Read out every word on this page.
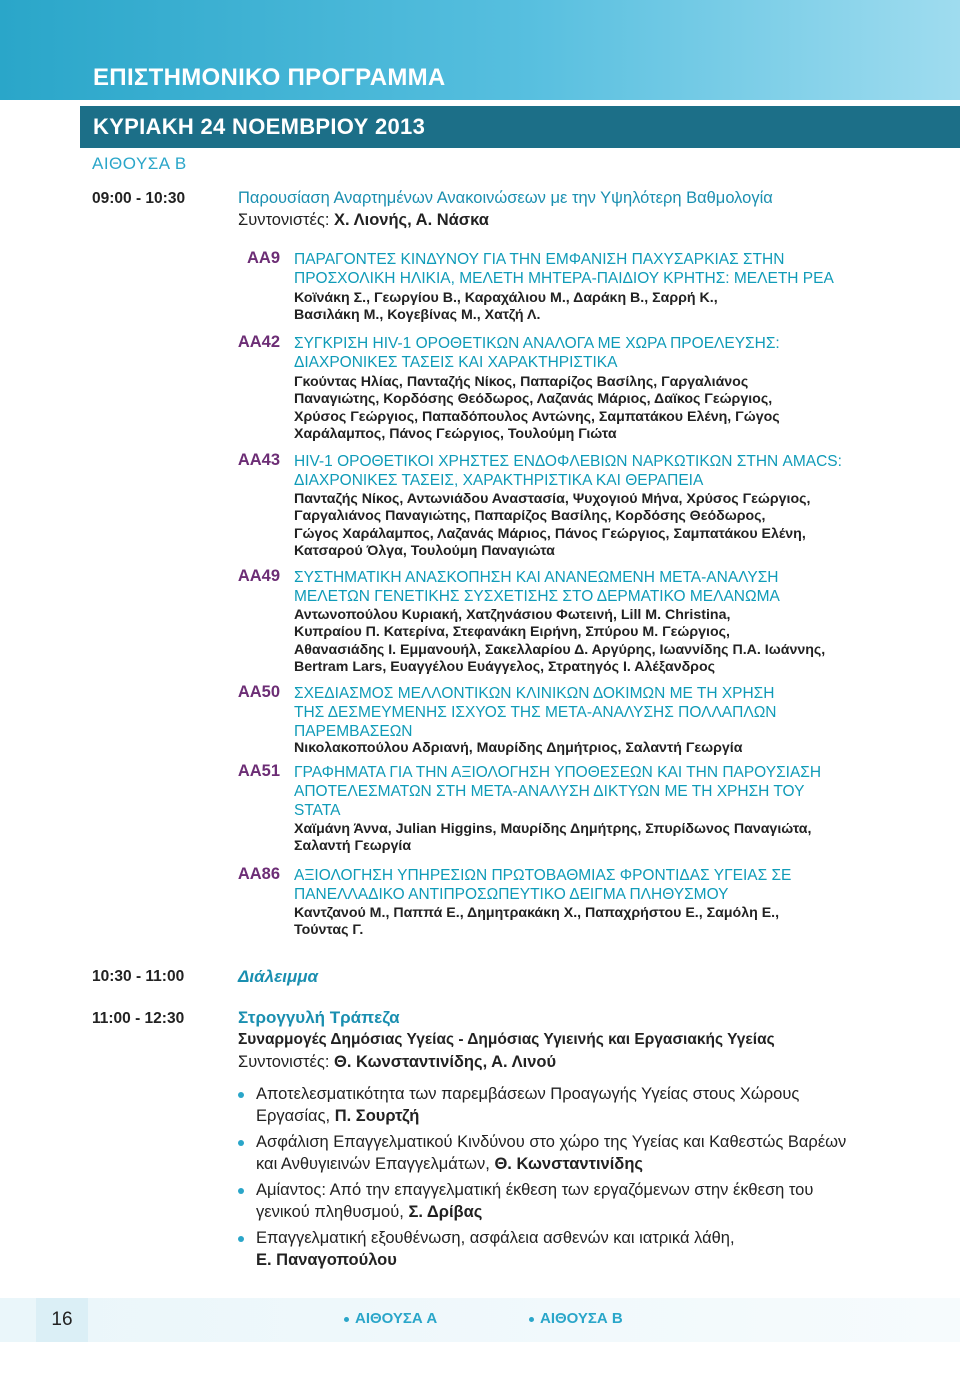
ΕΠΙΣΤΗΜΟΝΙΚΟ ΠΡΟΓΡΑΜΜΑ
ΚΥΡΙΑΚΗ 24 ΝΟΕΜΒΡΙΟΥ 2013
ΑΙΘΟΥΣΑ Β
09:00 - 10:30	Παρουσίαση Αναρτημένων Ανακοινώσεων με την Υψηλότερη Βαθμολογία
Συντονιστές: Χ. Λιονής, Α. Νάσκα
ΑΑ9 ΠΑΡΑΓΟΝΤΕΣ ΚΙΝΔΥΝΟΥ ΓΙΑ ΤΗΝ ΕΜΦΑΝΙΣΗ ΠΑΧΥΣΑΡΚΙΑΣ ΣΤΗΝ
ΠΡΟΣΧΟΛΙΚΗ ΗΛΙΚΙΑ, ΜΕΛΕΤΗ ΜΗΤΕΡΑ-ΠΑΙΔΙΟΥ ΚΡΗΤΗΣ: ΜΕΛΕΤΗ ΡΕΑ
Κοϊνάκη Σ., Γεωργίου Β., Καραχάλιου Μ., Δαράκη Β., Σαρρή Κ.,
Βασιλάκη Μ., Κογεβίνας Μ., Χατζή Λ.
ΑΑ42 ΣΥΓΚΡΙΣΗ HIV-1 ΟΡΟΘΕΤΙΚΩΝ ΑΝΑΛΟΓΑ ΜΕ ΧΩΡΑ ΠΡΟΕΛΕΥΣΗΣ:
ΔΙΑΧΡΟΝΙΚΕΣ ΤΑΣΕΙΣ ΚΑΙ ΧΑΡΑΚΤΗΡΙΣΤΙΚΑ
Γκούντας Ηλίας, Πανταζής Νίκος, Παπαρίζος Βασίλης, Γαργαλιάνος
Παναγιώτης, Κορδόσης Θεόδωρος, Λαζανάς Μάριος, Δαϊκος Γεώργιος,
Χρύσος Γεώργιος, Παπαδόπουλος Αντώνης, Σαμπατάκου Ελένη, Γώγος
Χαράλαμπος, Πάνος Γεώργιος, Τουλούμη Γιώτα
ΑΑ43 HIV-1 ΟΡΟΘΕΤΙΚΟΙ ΧΡΗΣΤΕΣ ΕΝΔΟΦΛΕΒΙΩΝ ΝΑΡΚΩΤΙΚΩΝ ΣΤΗΝ AMACS:
ΔΙΑΧΡΟΝΙΚΕΣ ΤΑΣΕΙΣ, ΧΑΡΑΚΤΗΡΙΣΤΙΚΑ ΚΑΙ ΘΕΡΑΠΕΙΑ
Πανταζής Νίκος, Αντωνιάδου Αναστασία, Ψυχογιού Μήνα, Χρύσος Γεώργιος,
Γαργαλιάνος Παναγιώτης, Παπαρίζος Βασίλης, Κορδόσης Θεόδωρος,
Γώγος Χαράλαμπος, Λαζανάς Μάριος, Πάνος Γεώργιος, Σαμπατάκου Ελένη,
Κατσαρού Όλγα, Τουλούμη Παναγιώτα
ΑΑ49 ΣΥΣΤΗΜΑΤΙΚΗ ΑΝΑΣΚΟΠΗΣΗ ΚΑΙ ΑΝΑΝΕΩΜΕΝΗ ΜΕΤΑ-ΑΝΑΛΥΣΗ
ΜΕΛΕΤΩΝ ΓΕΝΕΤΙΚΗΣ ΣΥΣΧΕΤΙΣΗΣ ΣΤΟ ΔΕΡΜΑΤΙΚΟ ΜΕΛΑΝΩΜΑ
Αντωνοπούλου Κυριακή, Χατζηνάσιου Φωτεινή, Lill M. Christina,
Κυπραίου Π. Κατερίνα, Στεφανάκη Ειρήνη, Σπύρου Μ. Γεώργιος,
Αθανασιάδης Ι. Εμμανουήλ, Σακελλαρίου Δ. Αργύρης, Ιωαννίδης Π.Α. Ιωάννης,
Bertram Lars, Ευαγγέλου Ευάγγελος, Στρατηγός Ι. Αλέξανδρος
ΑΑ50 ΣΧΕΔΙΑΣΜΟΣ ΜΕΛΛΟΝΤΙΚΩΝ ΚΛΙΝΙΚΩΝ ΔΟΚΙΜΩΝ ΜΕ ΤΗ ΧΡΗΣΗ
ΤΗΣ ΔΕΣΜΕΥΜΕΝΗΣ ΙΣΧΥΟΣ ΤΗΣ ΜΕΤΑ-ΑΝΑΛΥΣΗΣ ΠΟΛΛΑΠΛΩΝ
ΠΑΡΕΜΒΑΣΕΩΝ
Νικολακοπούλου Αδριανή, Μαυρίδης Δημήτριος, Σαλαντή Γεωργία
ΑΑ51 ΓΡΑΦΗΜΑΤΑ ΓΙΑ ΤΗΝ ΑΞΙΟΛΟΓΗΣΗ ΥΠΟΘΕΣΕΩΝ ΚΑΙ ΤΗΝ ΠΑΡΟΥΣΙΑΣΗ
ΑΠΟΤΕΛΕΣΜΑΤΩΝ ΣΤΗ ΜΕΤΑ-ΑΝΑΛΥΣΗ ΔΙΚΤΥΩΝ ΜΕ ΤΗ ΧΡΗΣΗ ΤΟΥ
STATA
Χαϊμάνη Άννα, Julian Higgins, Μαυρίδης Δημήτρης, Σπυρίδωνος Παναγιώτα,
Σαλαντή Γεωργία
ΑΑ86 ΑΞΙΟΛΟΓΗΣΗ ΥΠΗΡΕΣΙΩΝ ΠΡΩΤΟΒΑΘΜΙΑΣ ΦΡΟΝΤΙΔΑΣ ΥΓΕΙΑΣ ΣΕ
ΠΑΝΕΛΛΑΔΙΚΟ ΑΝΤΙΠΡΟΣΩΠΕΥΤΙΚΟ ΔΕΙΓΜΑ ΠΛΗΘΥΣΜΟΥ
Καντζανού Μ., Παππά Ε., Δημητρακάκη Χ., Παπαχρήστου Ε., Σαμόλη Ε.,
Τούντας Γ.
10:30 - 11:00	Διάλειμμα
11:00 - 12:30	Στρογγυλή Τράπεζα
Συναρμογές Δημόσιας Υγείας - Δημόσιας Υγιεινής και Εργασιακής Υγείας
Συντονιστές: Θ. Κωνσταντινίδης, Α. Λινού
Αποτελεσματικότητα των παρεμβάσεων Προαγωγής Υγείας στους Χώρους Εργασίας, Π. Σουρτζή
Ασφάλιση Επαγγελματικού Κινδύνου στο χώρο της Υγείας και Καθεστώς Βαρέων και Ανθυγιεινών Επαγγελμάτων, Θ. Κωνσταντινίδης
Αμίαντος: Από την επαγγελματική έκθεση των εργαζόμενων στην έκθεση του γενικού πληθυσμού, Σ. Δρίβας
Επαγγελματική εξουθένωση, ασφάλεια ασθενών και ιατρικά λάθη,
Ε. Παναγοπούλου
16	ΑΙΘΟΥΣΑ Α	ΑΙΘΟΥΣΑ Β
